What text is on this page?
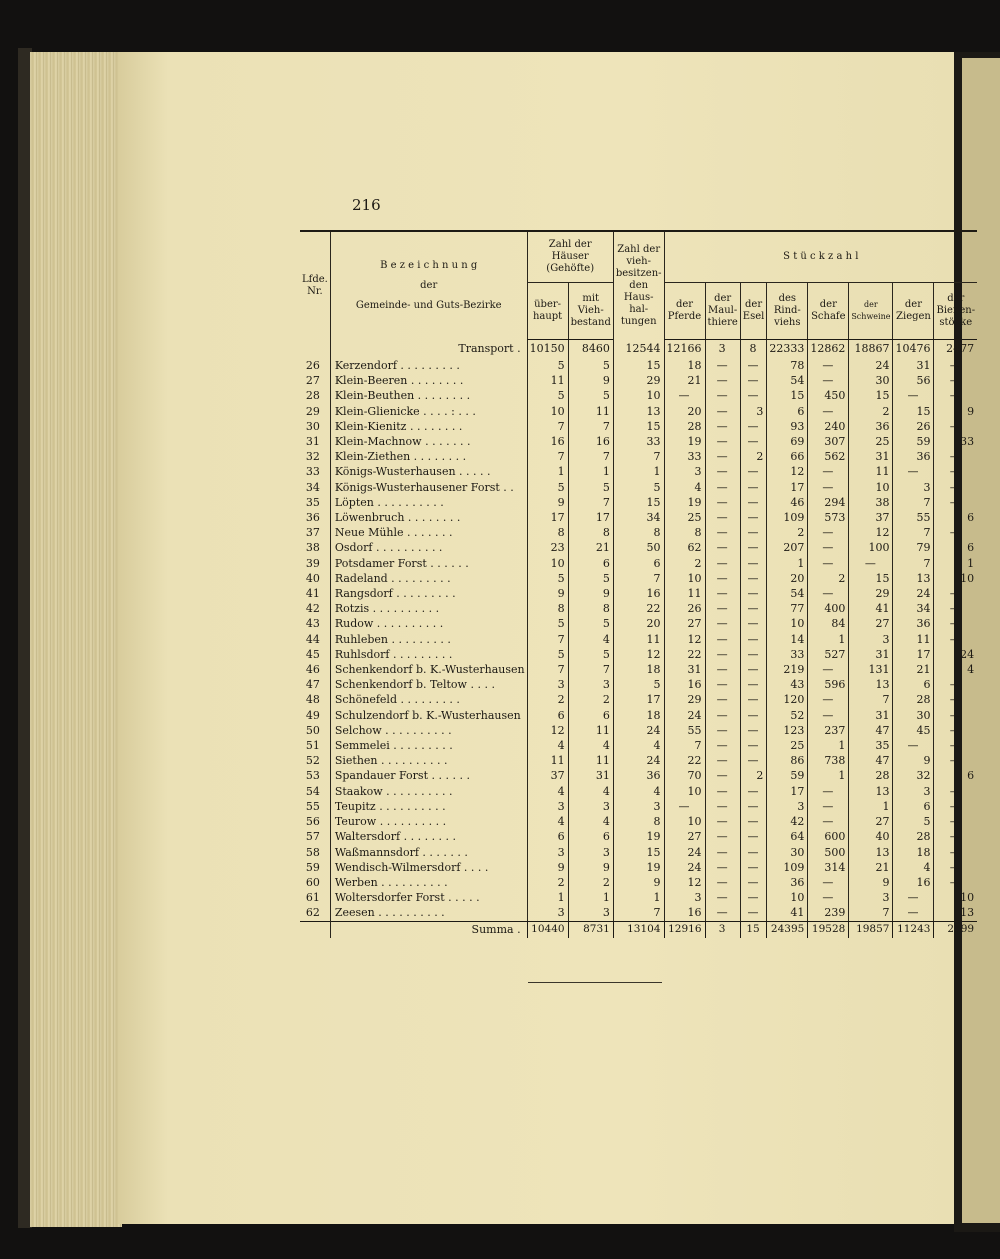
216
Lfde. Nr.	B e z e i c h n u n g
der
Gemeinde- und Guts-Bezirke	Zahl der Häuser (Gehöfte)		Zahl der vieh- besitzen- den Haus- hal- tungen	S t ü c k z a h l							
		über- haupt	mit Vieh- bestand		der Pferde	der Maul- thiere	der Esel	des Rind- viehs	der Schafe	der Schweine	der Ziegen	der Bienen- stöcke
	Transport .	10150	8460	12544	12166	3	8	22333	12862	18867	10476	2477
26	Kerzendorf . . . . . . . . .	5	5	15	18	—	—	78	—	24	31	—
27	Klein-Beeren . . . . . . . .	11	9	29	21	—	—	54	—	30	56	—
28	Klein-Beuthen . . . . . . . .	5	5	10	—	—	—	15	450	15	—	—
29	Klein-Glienicke . . . . : . . .	10	11	13	20	—	3	6	—	2	15	9
30	Klein-Kienitz . . . . . . . .	7	7	15	28	—	—	93	240	36	26	—
31	Klein-Machnow . . . . . . .	16	16	33	19	—	—	69	307	25	59	33
32	Klein-Ziethen . . . . . . . .	7	7	7	33	—	2	66	562	31	36	—
33	Königs-Wusterhausen . . . . .	1	1	1	3	—	—	12	—	11	—	—
34	Königs-Wusterhausener Forst . .	5	5	5	4	—	—	17	—	10	3	—
35	Löpten . . . . . . . . . .	9	7	15	19	—	—	46	294	38	7	—
36	Löwenbruch . . . . . . . .	17	17	34	25	—	—	109	573	37	55	6
37	Neue Mühle . . . . . . .	8	8	8	8	—	—	2	—	12	7	—
38	Osdorf . . . . . . . . . .	23	21	50	62	—	—	207	—	100	79	6
39	Potsdamer Forst . . . . . .	10	6	6	2	—	—	1	—	—	7	1
40	Radeland . . . . . . . . .	5	5	7	10	—	—	20	2	15	13	10
41	Rangsdorf . . . . . . . . .	9	9	16	11	—	—	54	—	29	24	—
42	Rotzis . . . . . . . . . .	8	8	22	26	—	—	77	400	41	34	—
43	Rudow . . . . . . . . . .	5	5	20	27	—	—	10	84	27	36	—
44	Ruhleben . . . . . . . . .	7	4	11	12	—	—	14	1	3	11	—
45	Ruhlsdorf . . . . . . . . .	5	5	12	22	—	—	33	527	31	17	24
46	Schenkendorf b. K.-Wusterhausen	7	7	18	31	—	—	219	—	131	21	4
47	Schenkendorf b. Teltow . . . .	3	3	5	16	—	—	43	596	13	6	—
48	Schönefeld . . . . . . . . .	2	2	17	29	—	—	120	—	7	28	—
49	Schulzendorf b. K.-Wusterhausen	6	6	18	24	—	—	52	—	31	30	—
50	Selchow . . . . . . . . . .	12	11	24	55	—	—	123	237	47	45	—
51	Semmelei . . . . . . . . .	4	4	4	7	—	—	25	1	35	—	—
52	Siethen . . . . . . . . . .	11	11	24	22	—	—	86	738	47	9	—
53	Spandauer Forst . . . . . .	37	31	36	70	—	2	59	1	28	32	6
54	Staakow . . . . . . . . . .	4	4	4	10	—	—	17	—	13	3	—
55	Teupitz . . . . . . . . . .	3	3	3	—	—	—	3	—	1	6	—
56	Teurow . . . . . . . . . .	4	4	8	10	—	—	42	—	27	5	—
57	Waltersdorf . . . . . . . .	6	6	19	27	—	—	64	600	40	28	—
58	Waßmannsdorf . . . . . . .	3	3	15	24	—	—	30	500	13	18	—
59	Wendisch-Wilmersdorf . . . .	9	9	19	24	—	—	109	314	21	4	—
60	Werben . . . . . . . . . .	2	2	9	12	—	—	36	—	9	16	—
61	Woltersdorfer Forst . . . . .	1	1	1	3	—	—	10	—	3	—	10
62	Zeesen . . . . . . . . . .	3	3	7	16	—	—	41	239	7	—	13
	Summa .	10440	8731	13104	12916	3	15	24395	19528	19857	11243	2599
